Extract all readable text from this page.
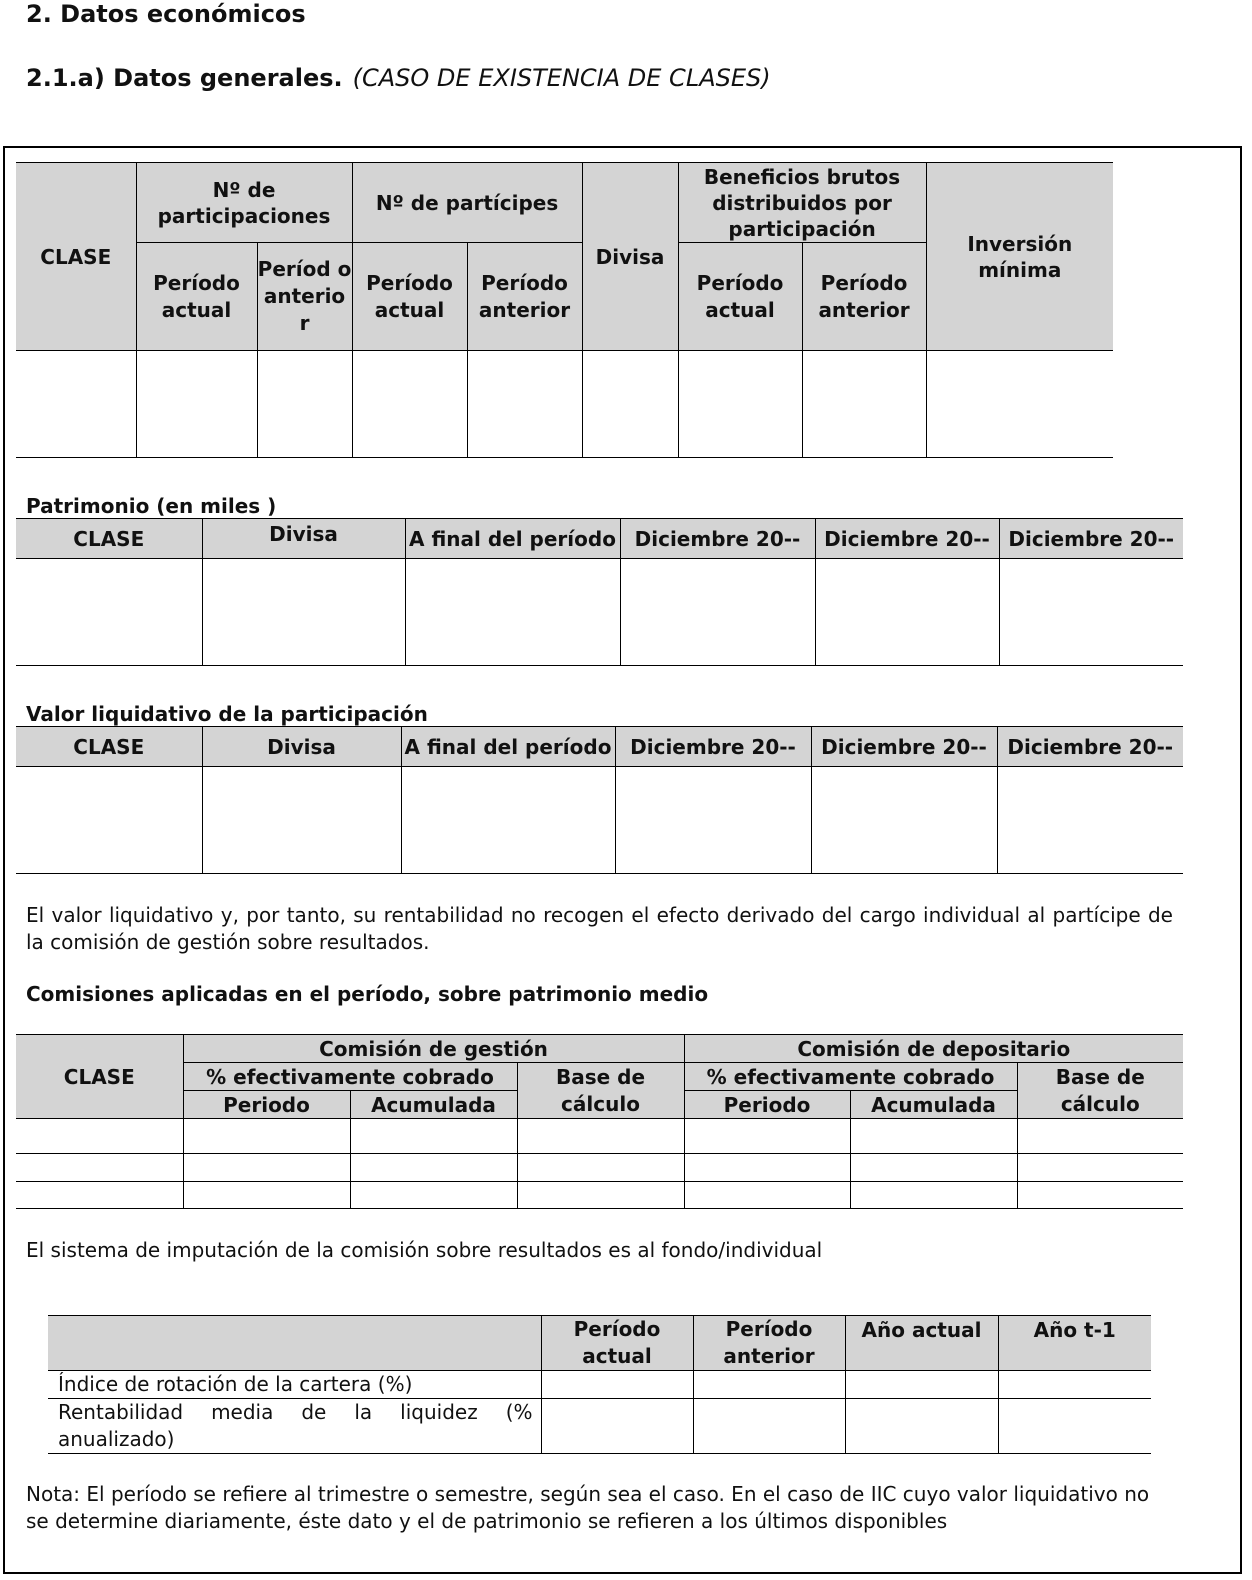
2. Datos económicos
2.1.a) Datos generales. (CASO DE EXISTENCIA DE CLASES)
CLASE	Nº de participaciones		Nº de partícipes		Divisa	Beneficios brutos distribuidos por participación		Inversión mínima
	Período actual	Períod o anterio r	Período actual	Período anterior		Período actual	Período anterior	

Patrimonio (en miles )
CLASE	Divisa	A final del período	Diciembre 20--	Diciembre 20--	Diciembre 20--

Valor liquidativo de la participación
CLASE	Divisa	A final del período	Diciembre 20--	Diciembre 20--	Diciembre 20--

El valor liquidativo y, por tanto, su rentabilidad no recogen el efecto derivado del cargo individual al partícipe de la comisión de gestión sobre resultados.
Comisiones aplicadas en el período, sobre patrimonio medio
CLASE	Comisión de gestión			Comisión de depositario		
	% efectivamente cobrado		Base de cálculo	% efectivamente cobrado		Base de cálculo
	Periodo	Acumulada		Periodo	Acumulada	

El sistema de imputación de la comisión sobre resultados es al fondo/individual
	Período actual	Período anterior	Año actual	Año t-1
Índice de rotación de la cartera (%)				
Rentabilidad media de la liquidez (% anualizado)				
Nota: El período se refiere al trimestre o semestre, según sea el caso. En el caso de IIC cuyo valor liquidativo no se determine diariamente, éste dato y el de patrimonio se refieren a los últimos disponibles
